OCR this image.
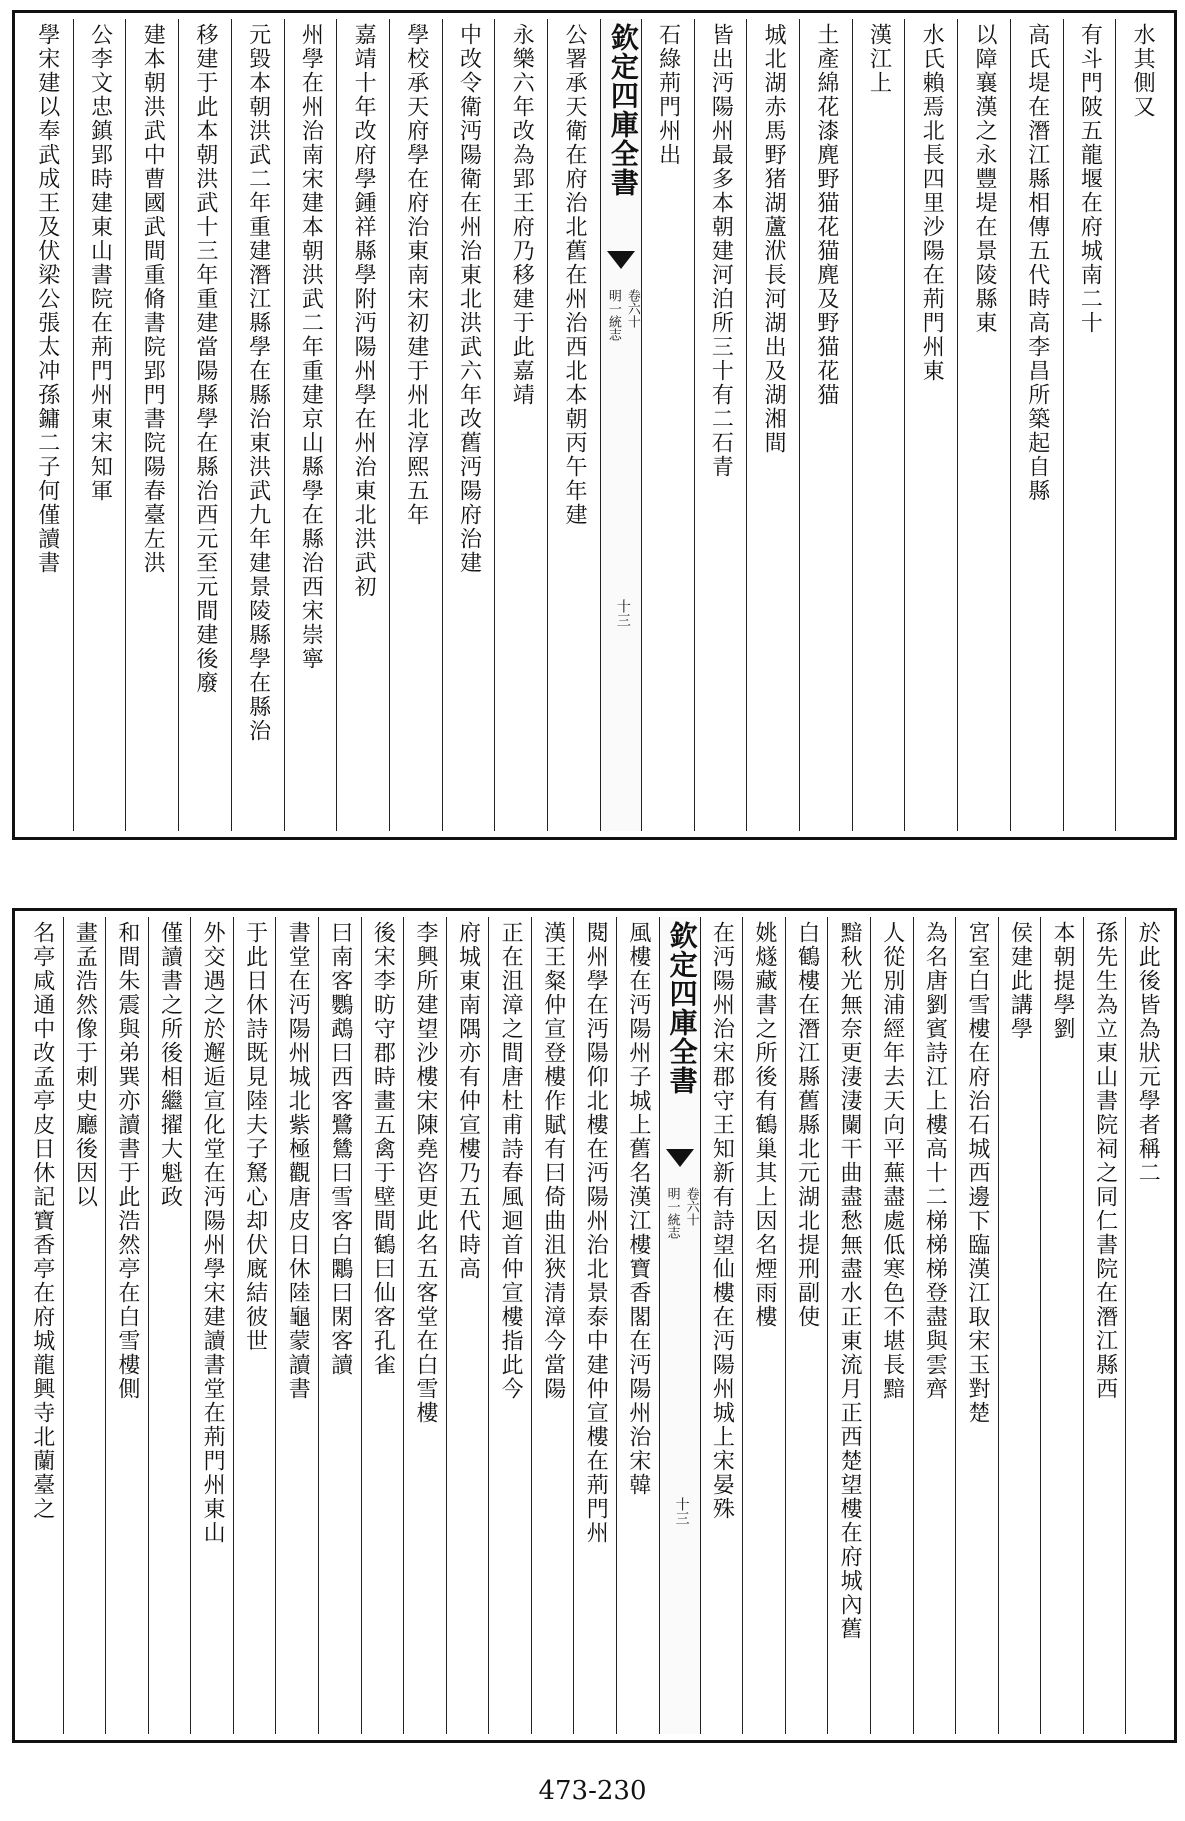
水其側又
有斗門陂五龍堰在府城南二十
高氏堤在潛江縣相傳五代時高李昌所築起自縣
以障襄漢之永豐堤在景陵縣東
水氏賴焉北長四里沙陽在荊門州東
漢江上
土產綿花漆麂野猫花猫麂及野猫花猫
城北湖赤馬野猪湖蘆洑長河湖出及湖湘間
皆出沔陽州最多本朝建河泊所三十有二石青
石綠荊門州出
欽定四庫全書
明一統志 卷六十
十三
公署承天衛在府治北舊在州治西北本朝丙午年建
永樂六年改為郢王府乃移建于此嘉靖
中改令衛沔陽衛在州治東北洪武六年改舊沔陽府治建
學校承天府學在府治東南宋初建于州北淳熙五年
嘉靖十年改府學鍾祥縣學附沔陽州學在州治東北洪武初
州學在州治南宋建本朝洪武二年重建京山縣學在縣治西宋崇寧
元毀本朝洪武二年重建潛江縣學在縣治東洪武九年建景陵縣學在縣治
移建于此本朝洪武十三年重建當陽縣學在縣治西元至元間建後廢
建本朝洪武中曹國武間重脩書院郢門書院陽春臺左洪
公李文忠鎮郢時建東山書院在荊門州東宋知軍
學宋建以奉武成王及伏梁公張太冲孫鏞二子何僅讀書
於此後皆為狀元學者稱二
孫先生為立東山書院祠之同仁書院在潛江縣西
本朝提學劉
侯建此講學
宮室白雪樓在府治石城西邊下臨漢江取宋玉對楚
為名唐劉賓詩江上樓高十二梯梯梯登盡與雲齊
人從別浦經年去天向平蕪盡處低寒色不堪長黯
黯秋光無奈更淒淒闌干曲盡愁無盡水正東流月正西楚望樓在府城內舊
白鶴樓在潛江縣舊縣北元湖北提刑副使
姚燧藏書之所後有鶴巢其上因名煙雨樓
在沔陽州治宋郡守王知新有詩望仙樓在沔陽州城上宋晏殊
欽定四庫全書
明一統志 卷六十
十三
風樓在沔陽州子城上舊名漢江樓寶香閣在沔陽州治宋韓
閱州學在沔陽仰北樓在沔陽州治北景泰中建仲宣樓在荊門州
漢王粲仲宣登樓作賦有曰倚曲沮狹清漳今當陽
正在沮漳之間唐杜甫詩春風迴首仲宣樓指此今
府城東南隅亦有仲宣樓乃五代時高
李興所建望沙樓宋陳堯咨更此名五客堂在白雪樓
後宋李昉守郡時畫五禽于壁間鶴曰仙客孔雀
曰南客鸚鵡曰西客鷺鷥曰雪客白鷴曰閑客讀
書堂在沔陽州城北紫極觀唐皮日休陸龜蒙讀書
于此日休詩既見陸夫子駑心却伏廐結彼世
外交遇之於邂逅宣化堂在沔陽州學宋建讀書堂在荊門州東山
僅讀書之所後相繼擢大魁政
和間朱震與弟巽亦讀書于此浩然亭在白雪樓側
畫孟浩然像于刺史廳後因以
名亭咸通中改孟亭皮日休記寶香亭在府城龍興寺北蘭臺之
473-230
